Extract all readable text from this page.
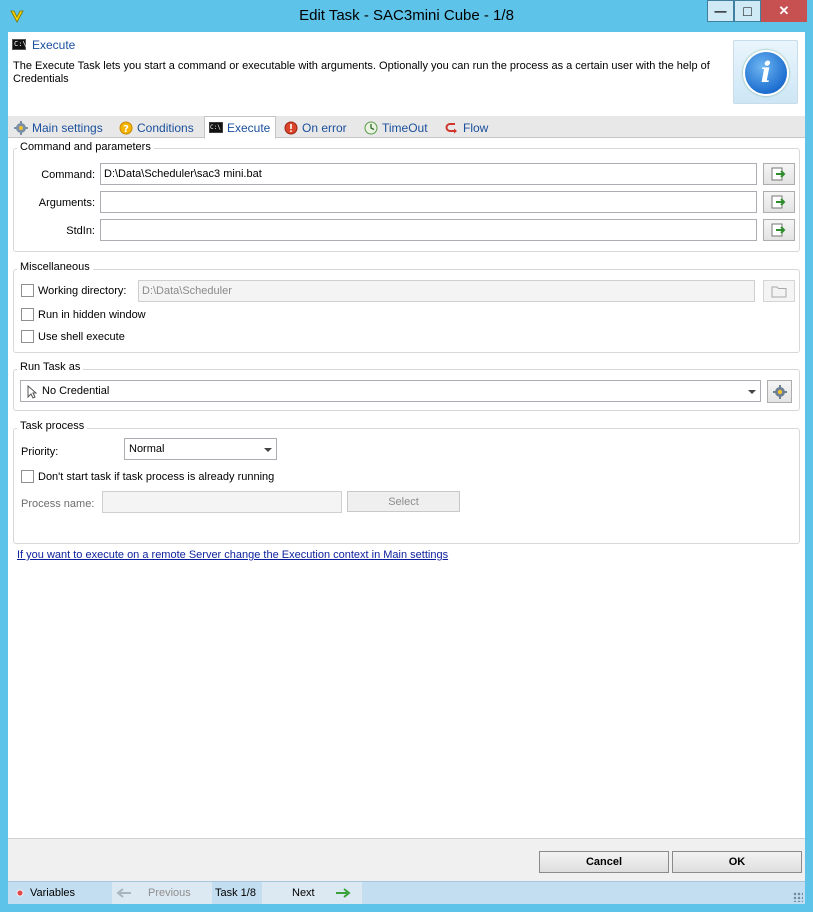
Edit Task - SAC3mini Cube - 1/8	— □ ✕
C:\ Execute
The Execute Task lets you start a command or executable with arguments. Optionally you can run the process as a certain user with the help of Credentials	i
Main settings ? Conditions	C:\ Execute	On error	TimeOut	Flow
Command and parameters
Command: D:\Data\Scheduler\sac3 mini.bat
Arguments:
StdIn:
Miscellaneous
Working directory:	D:\Data\Scheduler
Run in hidden window
Use shell execute
Run Task as
No Credential
Task process
Priority:	Normal
Don't start task if task process is already running
Process name:	Select
If you want to execute on a remote Server change the Execution context in Main settings
Cancel	OK
Variables	Previous Task 1/8	Next
